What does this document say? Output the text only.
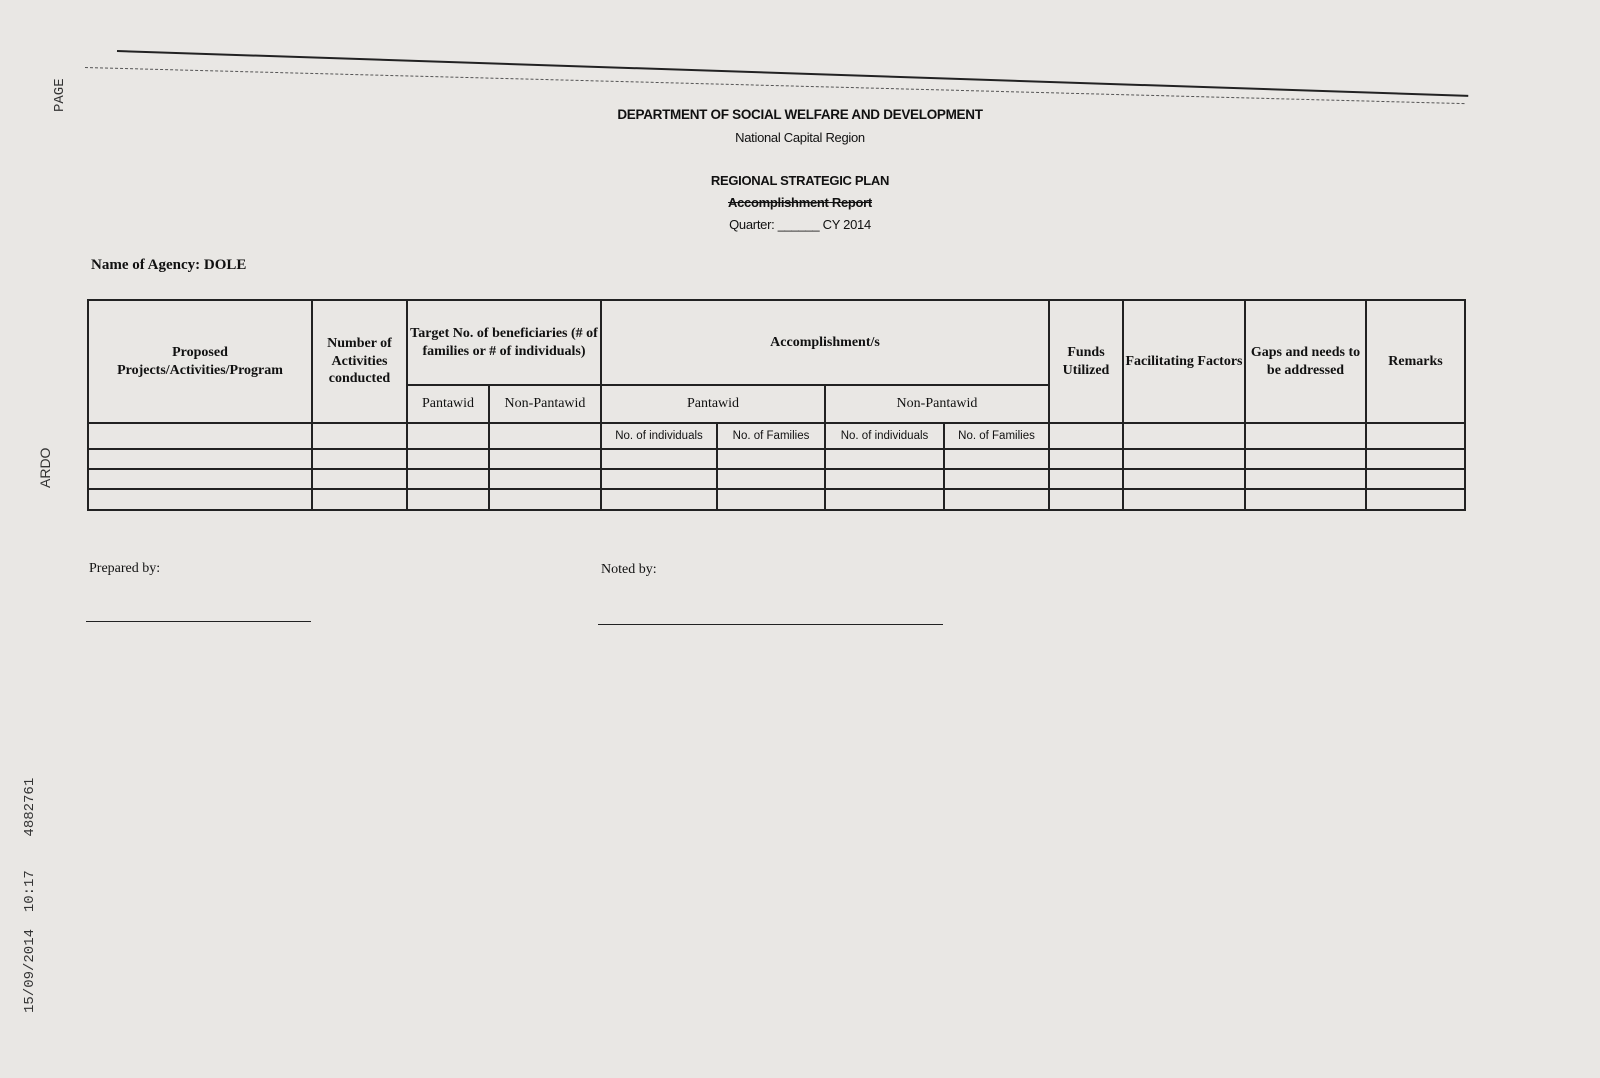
PAGE
ARDO
15/09/2014  10:17    4882761
DEPARTMENT OF SOCIAL WELFARE AND DEVELOPMENT
National Capital Region
REGIONAL STRATEGIC PLAN
Accomplishment Report
Quarter: ______ CY 2014
Name of Agency: DOLE
Proposed Projects/Activities/Program	Number of Activities conducted	Target No. of beneficiaries (# of families or # of individuals)		Accomplishment/s				Funds Utilized	Facilitating Factors	Gaps and needs to be addressed	Remarks
		Pantawid	Non-Pantawid	Pantawid		Non-Pantawid					
				No. of individuals	No. of Families	No. of individuals	No. of Families				

Prepared by:	Noted by:
